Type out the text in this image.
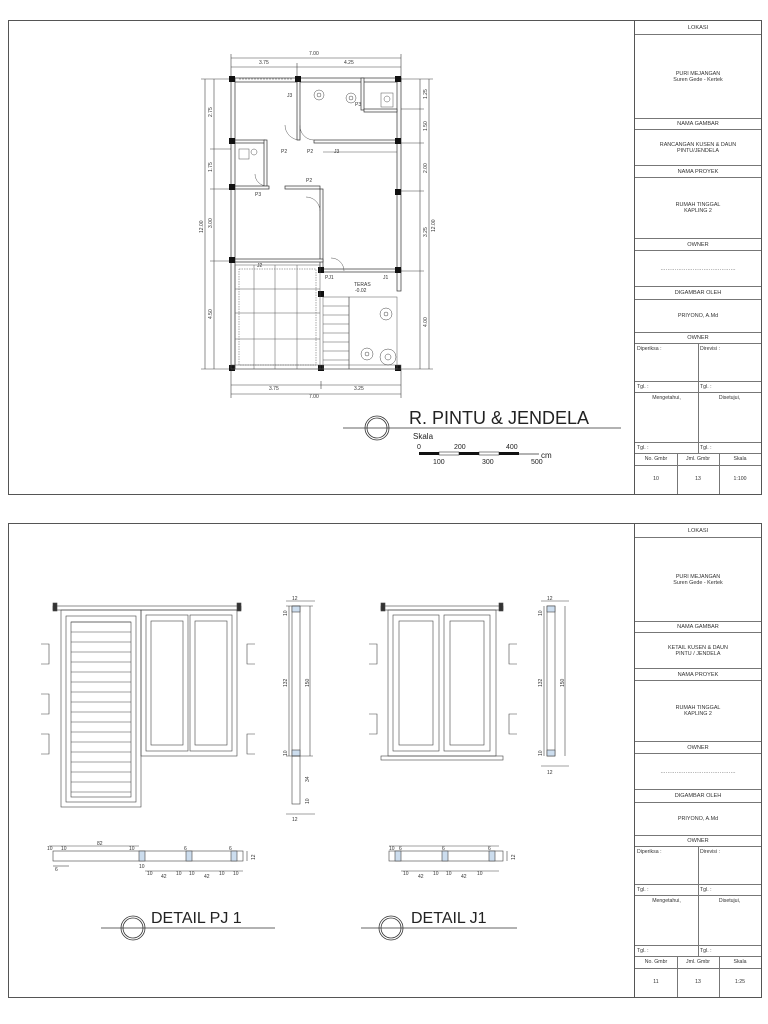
7.00
3.75	4.25
12.00
2.75
1.75
3.00
4.50
1.25
1.50
2.00
3.25
4.00
12.00
3.75	3.25
7.00
J3
P3
P2	P2	J3
P3
P2
J2
PJ1	J1
TERAS
-0.02
R. PINTU & JENDELA
Skala
0	200	400
100	300	500
cm
LOKASI
PURI MEJANGAN
Suren Gede - Kertek
NAMA GAMBAR
RANCANGAN KUSEN & DAUN
PINTU/JENDELA
NAMA PROYEK
RUMAH TINGGAL
KAPLING 2
OWNER
……………………………………
DIGAMBAR OLEH
PRIYONO, A.Md
OWNER
Diperiksa :	Direvisi :
Tgl. :	Tgl. :
Mengetahui,	Disetujui,
Tgl. :	Tgl. :
No. Gmbr	Jml. Gmbr	Skala
10	13	1:100
12
10
132	150
10
34
10
12
12
10
132	150
10
12
10 10
82
10
6
6	6
10
10 42 10 10 42 10 10
12
10 6	6	6
10 42 10 10 42 10
12
DETAIL PJ 1	DETAIL J1
LOKASI
PURI MEJANGAN
Suren Gede - Kertek
NAMA GAMBAR
KETAIL KUSEN & DAUN
PINTU / JENDELA
NAMA PROYEK
RUMAH TINGGAL
KAPLING 2
OWNER
……………………………………
DIGAMBAR OLEH
PRIYONO, A.Md
OWNER
Diperiksa :	Direvisi :
Tgl. :	Tgl. :
Mengetahui,	Disetujui,
Tgl. :	Tgl. :
No. Gmbr	Jml. Gmbr	Skala
11	13	1:25
